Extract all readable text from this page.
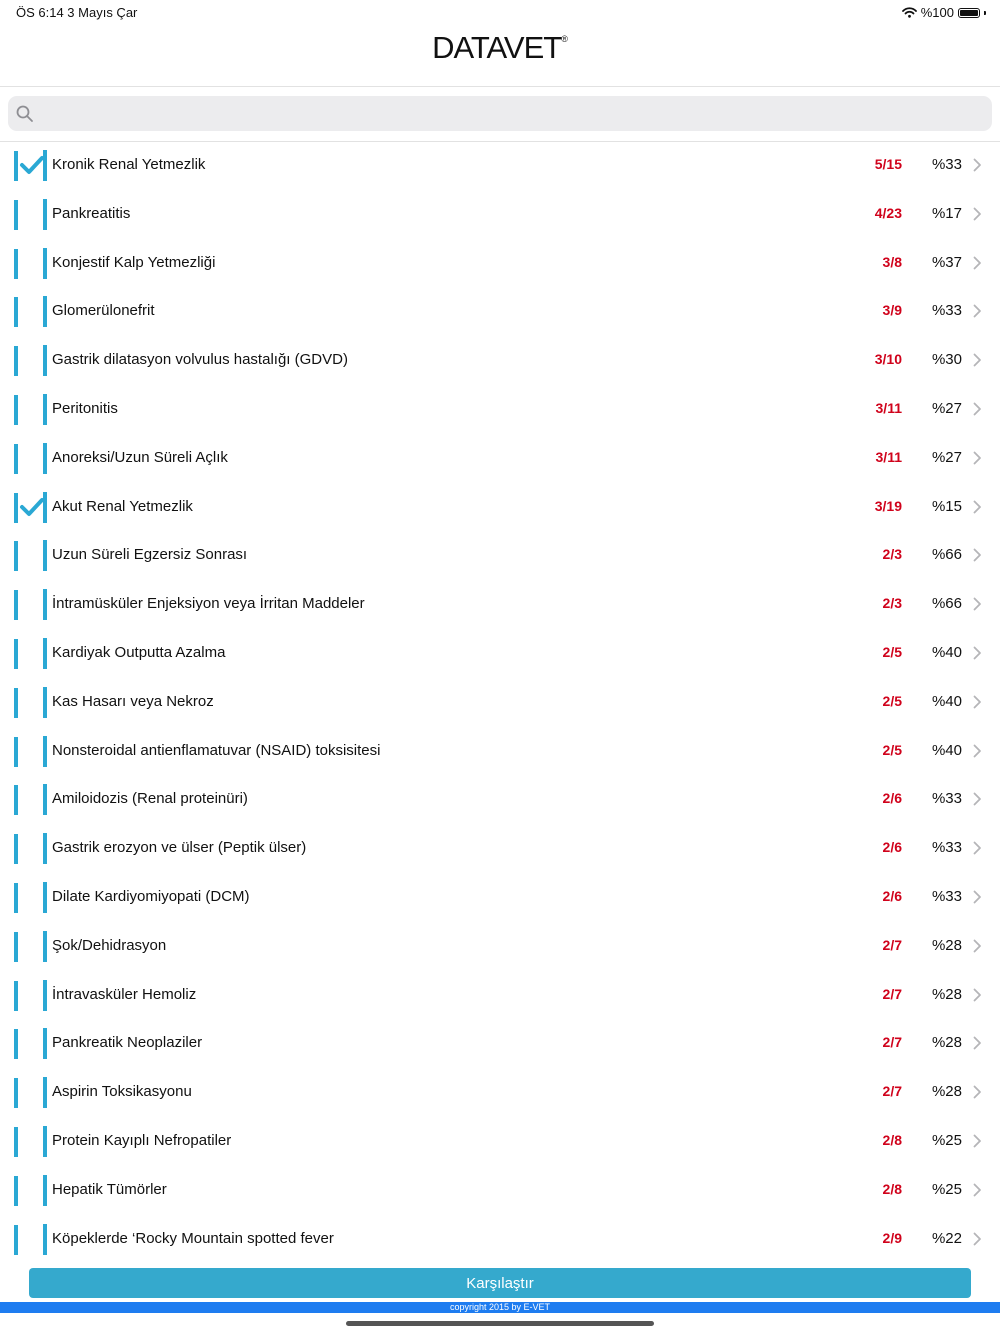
ÖS 6:14 3 Mayıs Çar	%100
DATAVET®
Kronik Renal Yetmezlik	5/15	%33
Pankreatitis	4/23	%17
Konjestif Kalp Yetmezliği	3/8	%37
Glomerülonefrit	3/9	%33
Gastrik dilatasyon volvulus hastalığı (GDVD)	3/10	%30
Peritonitis	3/11	%27
Anoreksi/Uzun Süreli Açlık	3/11	%27
Akut Renal Yetmezlik	3/19	%15
Uzun Süreli Egzersiz Sonrası	2/3	%66
İntramüsküler Enjeksiyon veya İrritan Maddeler	2/3	%66
Kardiyak Outputta Azalma	2/5	%40
Kas Hasarı veya Nekroz	2/5	%40
Nonsteroidal antienflamatuvar (NSAID) toksisitesi	2/5	%40
Amiloidozis (Renal proteinüri)	2/6	%33
Gastrik erozyon ve ülser (Peptik ülser)	2/6	%33
Dilate Kardiyomiyopati (DCM)	2/6	%33
Şok/Dehidrasyon	2/7	%28
İntravasküler Hemoliz	2/7	%28
Pankreatik Neoplaziler	2/7	%28
Aspirin Toksikasyonu	2/7	%28
Protein Kayıplı Nefropatiler	2/8	%25
Hepatik Tümörler	2/8	%25
Köpeklerde ‘Rocky Mountain spotted fever	2/9	%22
Karşılaştır
copyright 2015 by E-VET
